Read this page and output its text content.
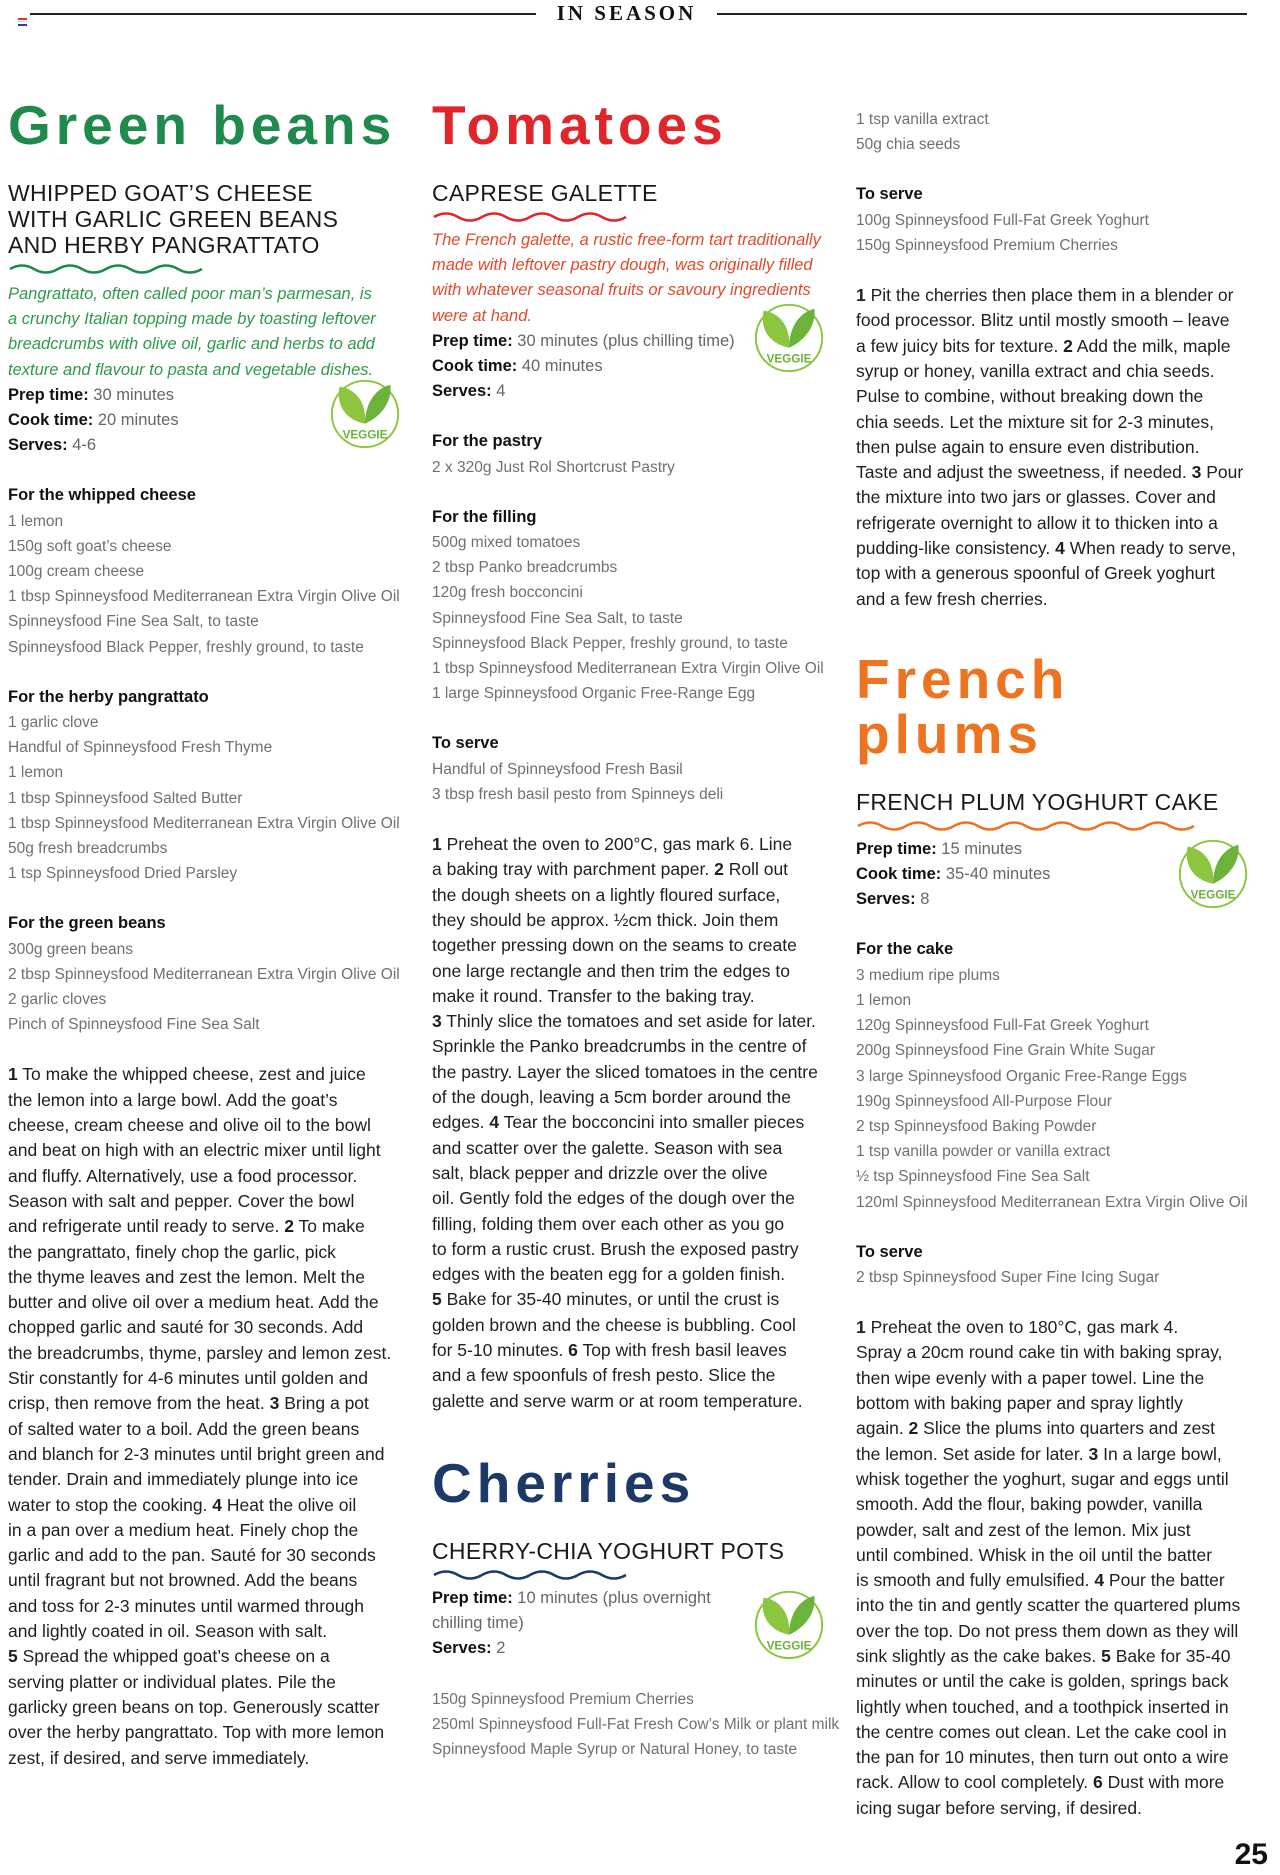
IN SEASON
Green beans
WHIPPED GOAT’S CHEESE
WITH GARLIC GREEN BEANS
AND HERBY PANGRATTATO
Pangrattato, often called poor man’s parmesan, is
a crunchy Italian topping made by toasting leftover
breadcrumbs with olive oil, garlic and herbs to add
texture and flavour to pasta and vegetable dishes.
Prep time: 30 minutes
Cook time: 20 minutes
Serves: 4-6
VEGGIE
For the whipped cheese
1 lemon
150g soft goat’s cheese
100g cream cheese
1 tbsp Spinneysfood Mediterranean Extra Virgin Olive Oil
Spinneysfood Fine Sea Salt, to taste
Spinneysfood Black Pepper, freshly ground, to taste
For the herby pangrattato
1 garlic clove
Handful of Spinneysfood Fresh Thyme
1 lemon
1 tbsp Spinneysfood Salted Butter
1 tbsp Spinneysfood Mediterranean Extra Virgin Olive Oil
50g fresh breadcrumbs
1 tsp Spinneysfood Dried Parsley
For the green beans
300g green beans
2 tbsp Spinneysfood Mediterranean Extra Virgin Olive Oil
2 garlic cloves
Pinch of Spinneysfood Fine Sea Salt
1 To make the whipped cheese, zest and juice
the lemon into a large bowl. Add the goat’s
cheese, cream cheese and olive oil to the bowl
and beat on high with an electric mixer until light
and fluffy. Alternatively, use a food processor.
Season with salt and pepper. Cover the bowl
and refrigerate until ready to serve. 2 To make
the pangrattato, finely chop the garlic, pick
the thyme leaves and zest the lemon. Melt the
butter and olive oil over a medium heat. Add the
chopped garlic and sauté for 30 seconds. Add
the breadcrumbs, thyme, parsley and lemon zest.
Stir constantly for 4-6 minutes until golden and
crisp, then remove from the heat. 3 Bring a pot
of salted water to a boil. Add the green beans
and blanch for 2-3 minutes until bright green and
tender. Drain and immediately plunge into ice
water to stop the cooking. 4 Heat the olive oil
in a pan over a medium heat. Finely chop the
garlic and add to the pan. Sauté for 30 seconds
until fragrant but not browned. Add the beans
and toss for 2-3 minutes until warmed through
and lightly coated in oil. Season with salt.
5 Spread the whipped goat’s cheese on a
serving platter or individual plates. Pile the
garlicky green beans on top. Generously scatter
over the herby pangrattato. Top with more lemon
zest, if desired, and serve immediately.
Tomatoes
CAPRESE GALETTE
The French galette, a rustic free-form tart traditionally
made with leftover pastry dough, was originally filled
with whatever seasonal fruits or savoury ingredients
were at hand.
Prep time: 30 minutes (plus chilling time)
Cook time: 40 minutes
Serves: 4
VEGGIE
For the pastry
2 x 320g Just Rol Shortcrust Pastry
For the filling
500g mixed tomatoes
2 tbsp Panko breadcrumbs
120g fresh bocconcini
Spinneysfood Fine Sea Salt, to taste
Spinneysfood Black Pepper, freshly ground, to taste
1 tbsp Spinneysfood Mediterranean Extra Virgin Olive Oil
1 large Spinneysfood Organic Free-Range Egg
To serve
Handful of Spinneysfood Fresh Basil
3 tbsp fresh basil pesto from Spinneys deli
1 Preheat the oven to 200°C, gas mark 6. Line
a baking tray with parchment paper. 2 Roll out
the dough sheets on a lightly floured surface,
they should be approx. ½cm thick. Join them
together pressing down on the seams to create
one large rectangle and then trim the edges to
make it round. Transfer to the baking tray.
3 Thinly slice the tomatoes and set aside for later.
Sprinkle the Panko breadcrumbs in the centre of
the pastry. Layer the sliced tomatoes in the centre
of the dough, leaving a 5cm border around the
edges. 4 Tear the bocconcini into smaller pieces
and scatter over the galette. Season with sea
salt, black pepper and drizzle over the olive
oil. Gently fold the edges of the dough over the
filling, folding them over each other as you go
to form a rustic crust. Brush the exposed pastry
edges with the beaten egg for a golden finish.
5 Bake for 35-40 minutes, or until the crust is
golden brown and the cheese is bubbling. Cool
for 5-10 minutes. 6 Top with fresh basil leaves
and a few spoonfuls of fresh pesto. Slice the
galette and serve warm or at room temperature.
Cherries
CHERRY-CHIA YOGHURT POTS
Prep time: 10 minutes (plus overnight
chilling time)
Serves: 2	VEGGIE
150g Spinneysfood Premium Cherries
250ml Spinneysfood Full-Fat Fresh Cow’s Milk or plant milk
Spinneysfood Maple Syrup or Natural Honey, to taste
1 tsp vanilla extract
50g chia seeds
To serve
100g Spinneysfood Full-Fat Greek Yoghurt
150g Spinneysfood Premium Cherries
1 Pit the cherries then place them in a blender or
food processor. Blitz until mostly smooth – leave
a few juicy bits for texture. 2 Add the milk, maple
syrup or honey, vanilla extract and chia seeds.
Pulse to combine, without breaking down the
chia seeds. Let the mixture sit for 2-3 minutes,
then pulse again to ensure even distribution.
Taste and adjust the sweetness, if needed. 3 Pour
the mixture into two jars or glasses. Cover and
refrigerate overnight to allow it to thicken into a
pudding-like consistency. 4 When ready to serve,
top with a generous spoonful of Greek yoghurt
and a few fresh cherries.
French plums
FRENCH PLUM YOGHURT CAKE
Prep time: 15 minutes
Cook time: 35-40 minutes
Serves: 8	VEGGIE
For the cake
3 medium ripe plums
1 lemon
120g Spinneysfood Full-Fat Greek Yoghurt
200g Spinneysfood Fine Grain White Sugar
3 large Spinneysfood Organic Free-Range Eggs
190g Spinneysfood All-Purpose Flour
2 tsp Spinneysfood Baking Powder
1 tsp vanilla powder or vanilla extract
½ tsp Spinneysfood Fine Sea Salt
120ml Spinneysfood Mediterranean Extra Virgin Olive Oil
To serve
2 tbsp Spinneysfood Super Fine Icing Sugar
1 Preheat the oven to 180°C, gas mark 4.
Spray a 20cm round cake tin with baking spray,
then wipe evenly with a paper towel. Line the
bottom with baking paper and spray lightly
again. 2 Slice the plums into quarters and zest
the lemon. Set aside for later. 3 In a large bowl,
whisk together the yoghurt, sugar and eggs until
smooth. Add the flour, baking powder, vanilla
powder, salt and zest of the lemon. Mix just
until combined. Whisk in the oil until the batter
is smooth and fully emulsified. 4 Pour the batter
into the tin and gently scatter the quartered plums
over the top. Do not press them down as they will
sink slightly as the cake bakes. 5 Bake for 35-40
minutes or until the cake is golden, springs back
lightly when touched, and a toothpick inserted in
the centre comes out clean. Let the cake cool in
the pan for 10 minutes, then turn out onto a wire
rack. Allow to cool completely. 6 Dust with more
icing sugar before serving, if desired.
25
